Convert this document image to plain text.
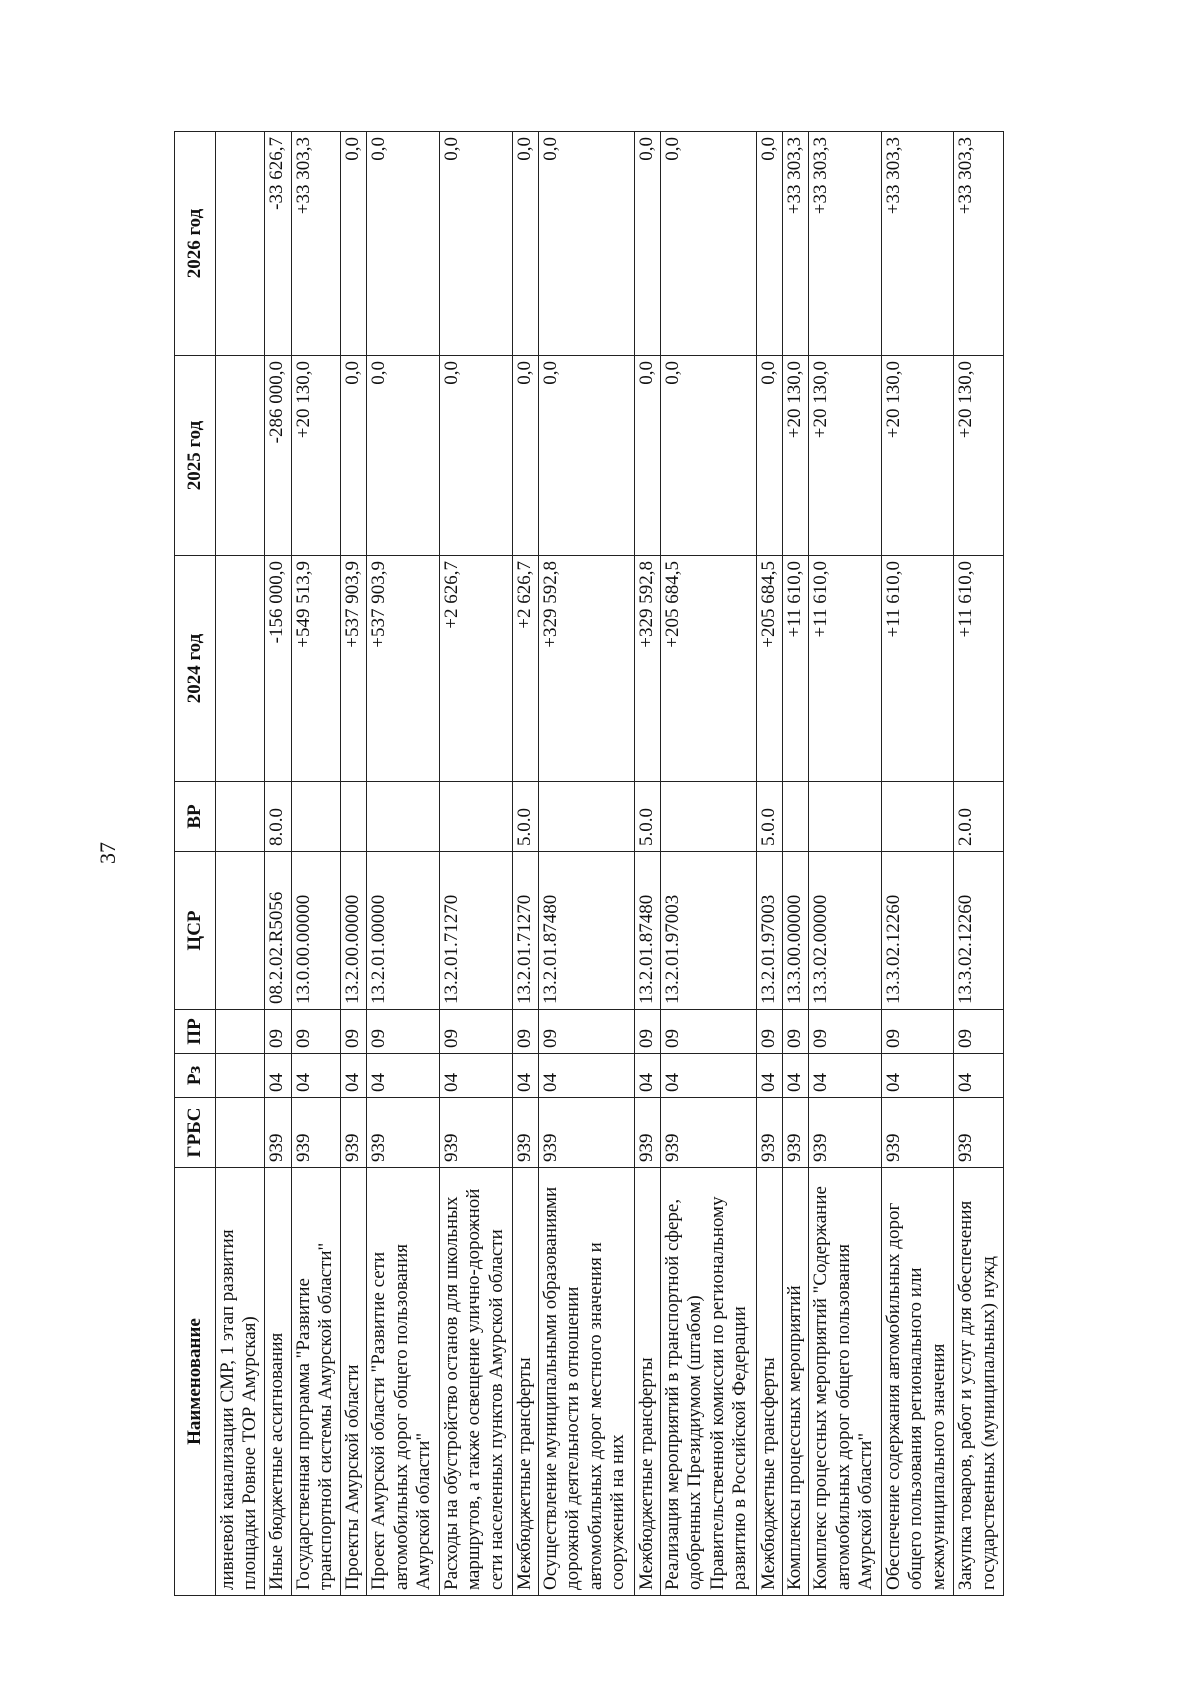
37
Наименование	ГРБС	Рз	ПР	ЦСР	ВР	2024 год	2025 год	2026 год
ливневой канализации СМР, 1 этап развития площадки Ровное ТОР Амурская)								
Иные бюджетные ассигнования	939	04	09	08.2.02.R5056	8.0.0	-156 000,0	-286 000,0	-33 626,7
Государственная программа "Развитие транспортной системы Амурской области"	939	04	09	13.0.00.00000		+549 513,9	+20 130,0	+33 303,3
Проекты Амурской области	939	04	09	13.2.00.00000		+537 903,9	0,0	0,0
Проект Амурской области "Развитие сети автомобильных дорог общего пользования Амурской области"	939	04	09	13.2.01.00000		+537 903,9	0,0	0,0
Расходы на обустройство останов для школьных маршрутов, а также освещение улично-дорожной сети населенных пунктов Амурской области	939	04	09	13.2.01.71270		+2 626,7	0,0	0,0
Межбюджетные трансферты	939	04	09	13.2.01.71270	5.0.0	+2 626,7	0,0	0,0
Осуществление муниципальными образованиями дорожной деятельности в отношении автомобильных дорог местного значения и сооружений на них	939	04	09	13.2.01.87480		+329 592,8	0,0	0,0
Межбюджетные трансферты	939	04	09	13.2.01.87480	5.0.0	+329 592,8	0,0	0,0
Реализация мероприятий в транспортной сфере, одобренных Президиумом (штабом) Правительственной комиссии по региональному развитию в Российской Федерации	939	04	09	13.2.01.97003		+205 684,5	0,0	0,0
Межбюджетные трансферты	939	04	09	13.2.01.97003	5.0.0	+205 684,5	0,0	0,0
Комплексы процессных мероприятий	939	04	09	13.3.00.00000		+11 610,0	+20 130,0	+33 303,3
Комплекс процессных мероприятий "Содержание автомобильных дорог общего пользования Амурской области"	939	04	09	13.3.02.00000		+11 610,0	+20 130,0	+33 303,3
Обеспечение содержания автомобильных дорог общего пользования регионального или межмуниципального значения	939	04	09	13.3.02.12260		+11 610,0	+20 130,0	+33 303,3
Закупка товаров, работ и услуг для обеспечения государственных (муниципальных) нужд	939	04	09	13.3.02.12260	2.0.0	+11 610,0	+20 130,0	+33 303,3
